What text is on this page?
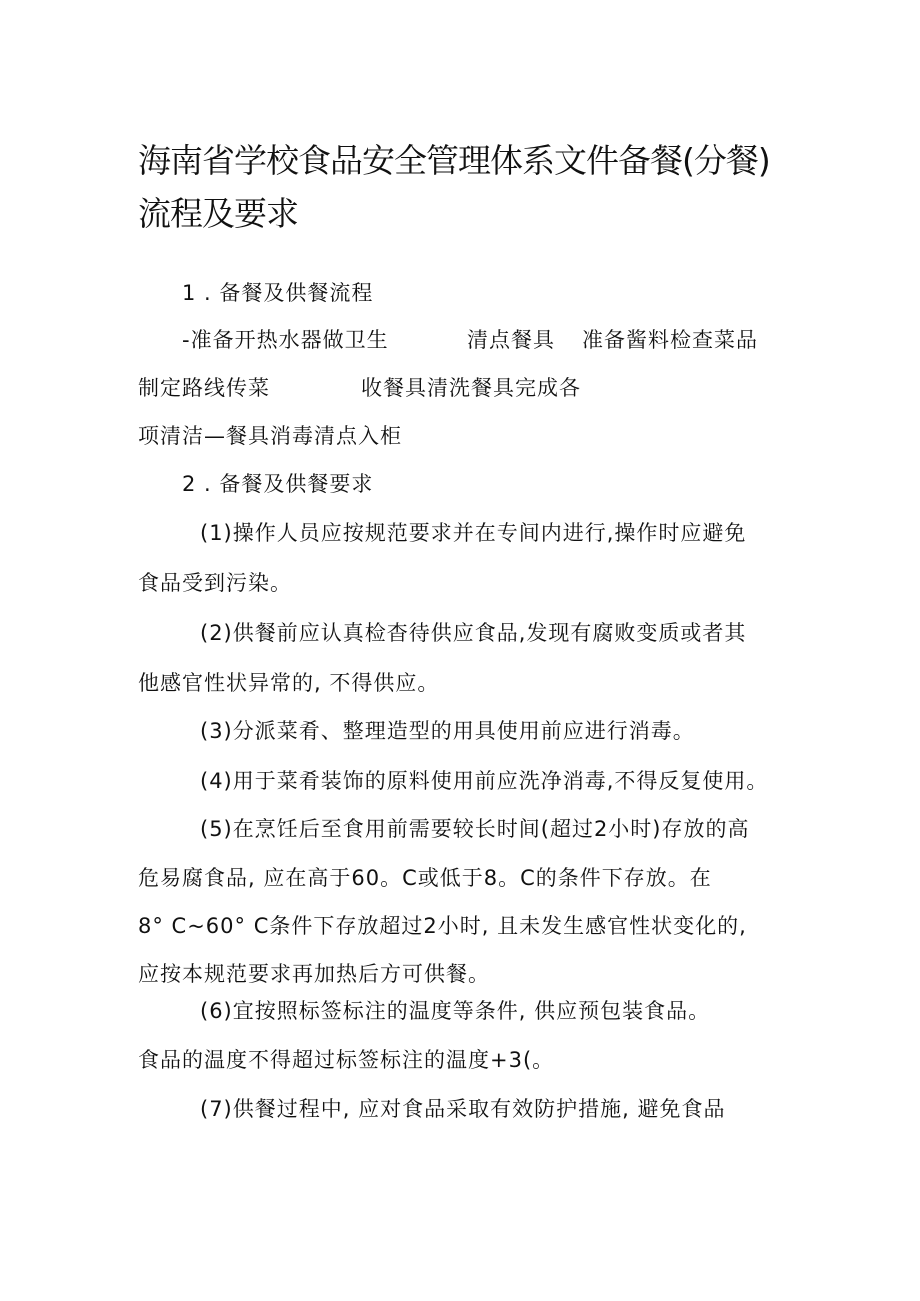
海南省学校食品安全管理体系文件备餐(分餐)
流程及要求
1 . 备餐及供餐流程
-准备开热水器做卫生	清点餐具 准备酱料检查菜品
制定路线传菜	收餐具清洗餐具完成各
项清洁—餐具消毒清点入柜
2 . 备餐及供餐要求
(1)操作人员应按规范要求并在专间内进行,操作时应避免
食品受到污染。
(2)供餐前应认真检杳待供应食品,发现有腐败变质或者其
他感官性状异常的, 不得供应。
(3)分派菜肴、整理造型的用具使用前应进行消毒。
(4)用于菜肴装饰的原料使用前应洗净消毒,不得反复使用。
(5)在烹饪后至食用前需要较长时间(超过2小时)存放的高
危易腐食品, 应在高于60。C或低于8。C的条件下存放。在
8° C~60° C条件下存放超过2小时, 且未发生感官性状变化的,
应按本规范要求再加热后方可供餐。
(6)宜按照标签标注的温度等条件, 供应预包装食品。
食品的温度不得超过标签标注的温度+3(。
(7)供餐过程中, 应对食品采取有效防护措施, 避免食品
